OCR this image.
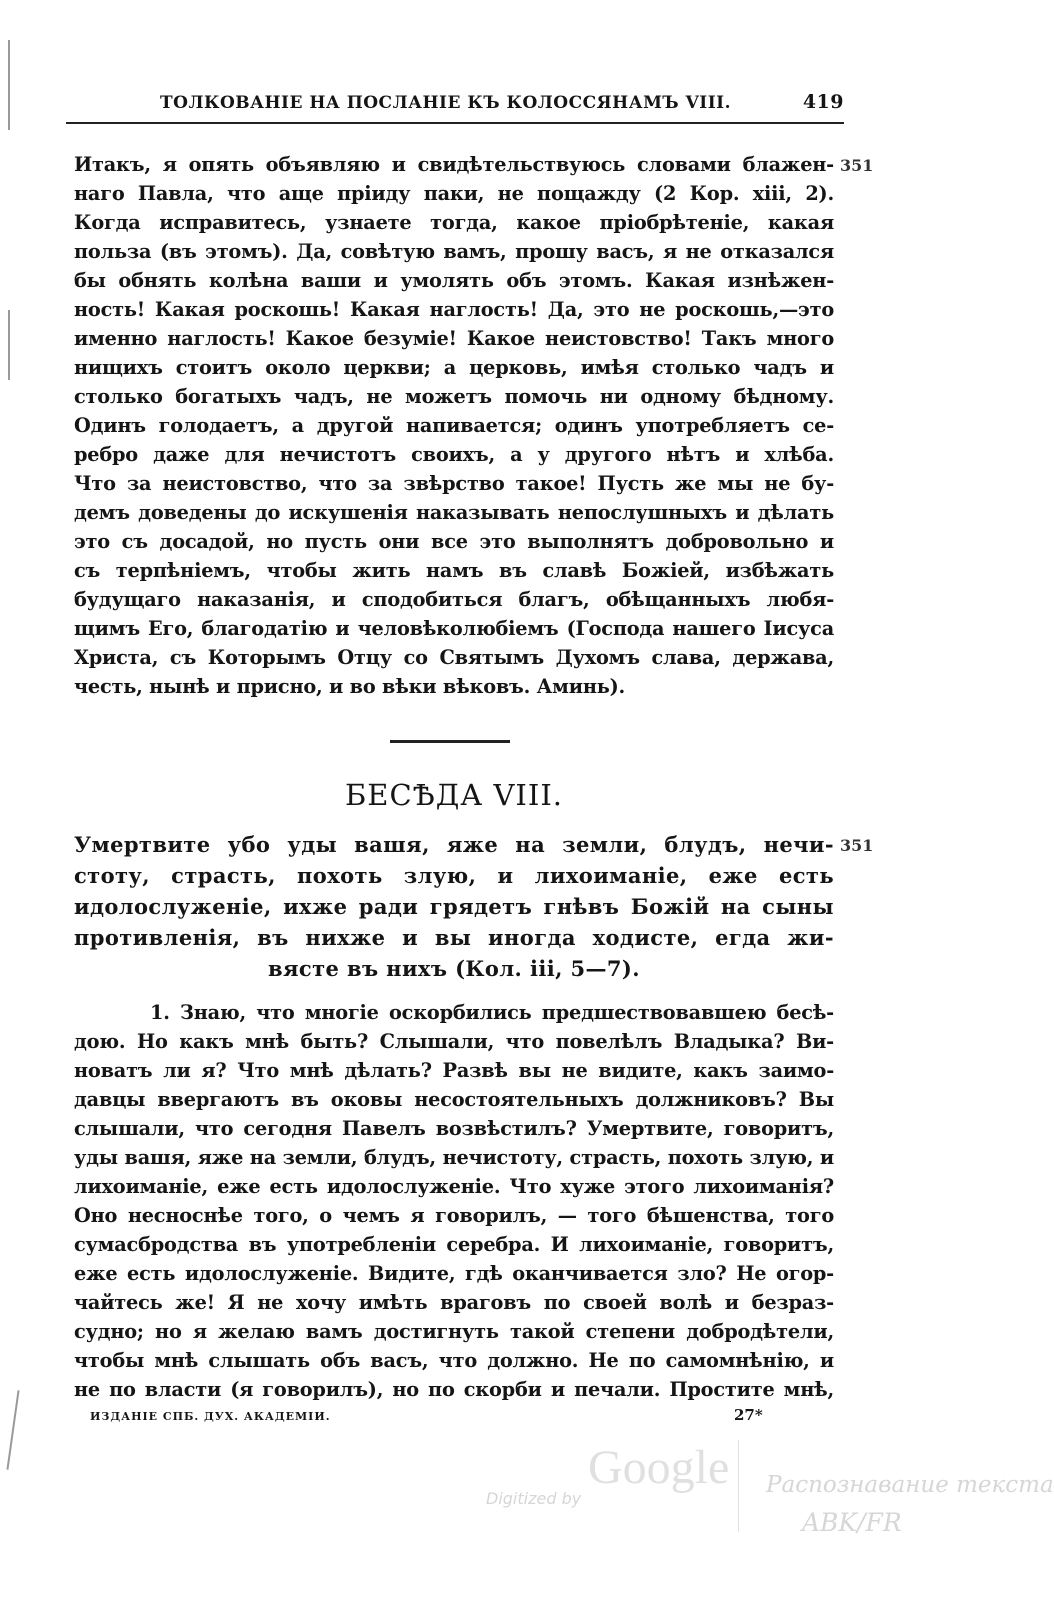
ТОЛКОВАНІЕ НА ПОСЛАНІЕ КЪ КОЛОССЯНАМЪ VIII.	419
351
351
Итакъ, я опять объявляю и свидѣтельствуюсь словами блажен-
наго Павла, что аще пріиду паки, не пощажду (2 Кор. xiii, 2).
Когда исправитесь, узнаете тогда, какое пріобрѣтеніе, какая
польза (въ этомъ). Да, совѣтую вамъ, прошу васъ, я не отказался
бы обнять колѣна ваши и умолять объ этомъ. Какая изнѣжен-
ность! Какая роскошь! Какая наглость! Да, это не роскошь,—это
именно наглость! Какое безуміе! Какое неистовство! Такъ много
нищихъ стоитъ около церкви; а церковь, имѣя столько чадъ и
столько богатыхъ чадъ, не можетъ помочь ни одному бѣдному.
Одинъ голодаетъ, а другой напивается; одинъ употребляетъ се-
ребро даже для нечистотъ своихъ, а у другого нѣтъ и хлѣба.
Что за неистовство, что за звѣрство такое! Пусть же мы не бу-
демъ доведены до искушенія наказывать непослушныхъ и дѣлать
это съ досадой, но пусть они все это выполнятъ добровольно и
съ терпѣніемъ, чтобы жить намъ въ славѣ Божіей, избѣжать
будущаго наказанія, и сподобиться благъ, обѣщанныхъ любя-
щимъ Его, благодатію и человѣколюбіемъ (Господа нашего Іисуса
Христа, съ Которымъ Отцу со Святымъ Духомъ слава, держава,
честь, нынѣ и присно, и во вѣки вѣковъ. Аминь).
БЕСѢДА VIII.
Умертвите убо уды вашя, яже на земли, блудъ, нечи-
стоту, страсть, похоть злую, и лихоиманіе, еже есть
идолослуженіе, ихже ради грядетъ гнѣвъ Божій на сыны
противленія, въ нихже и вы иногда ходисте, егда жи-
вясте въ нихъ (Кол. iii, 5—7).
1. Знаю, что многіе оскорбились предшествовавшею бесѣ-
дою. Но какъ мнѣ быть? Слышали, что повелѣлъ Владыка? Ви-
новатъ ли я? Что мнѣ дѣлать? Развѣ вы не видите, какъ заимо-
давцы ввергаютъ въ оковы несостоятельныхъ должниковъ? Вы
слышали, что сегодня Павелъ возвѣстилъ? Умертвите, говоритъ,
уды вашя, яже на земли, блудъ, нечистоту, страсть, похоть злую, и
лихоиманіе, еже есть идолослуженіе. Что хуже этого лихоиманія?
Оно несноснѣе того, о чемъ я говорилъ, — того бѣшенства, того
сумасбродства въ употребленіи серебра. И лихоиманіе, говоритъ,
еже есть идолослуженіе. Видите, гдѣ оканчивается зло? Не огор-
чайтесь же! Я не хочу имѣть враговъ по своей волѣ и безраз-
судно; но я желаю вамъ достигнуть такой степени добродѣтели,
чтобы мнѣ слышать объ васъ, что должно. Не по самомнѣнію, и
не по власти (я говорилъ), но по скорби и печали. Простите мнѣ,
ИЗДАНІЕ СПБ. ДУХ. АКАДЕМІИ.	27*
Google
Digitized by
Распознавание текста
ABK/FR
